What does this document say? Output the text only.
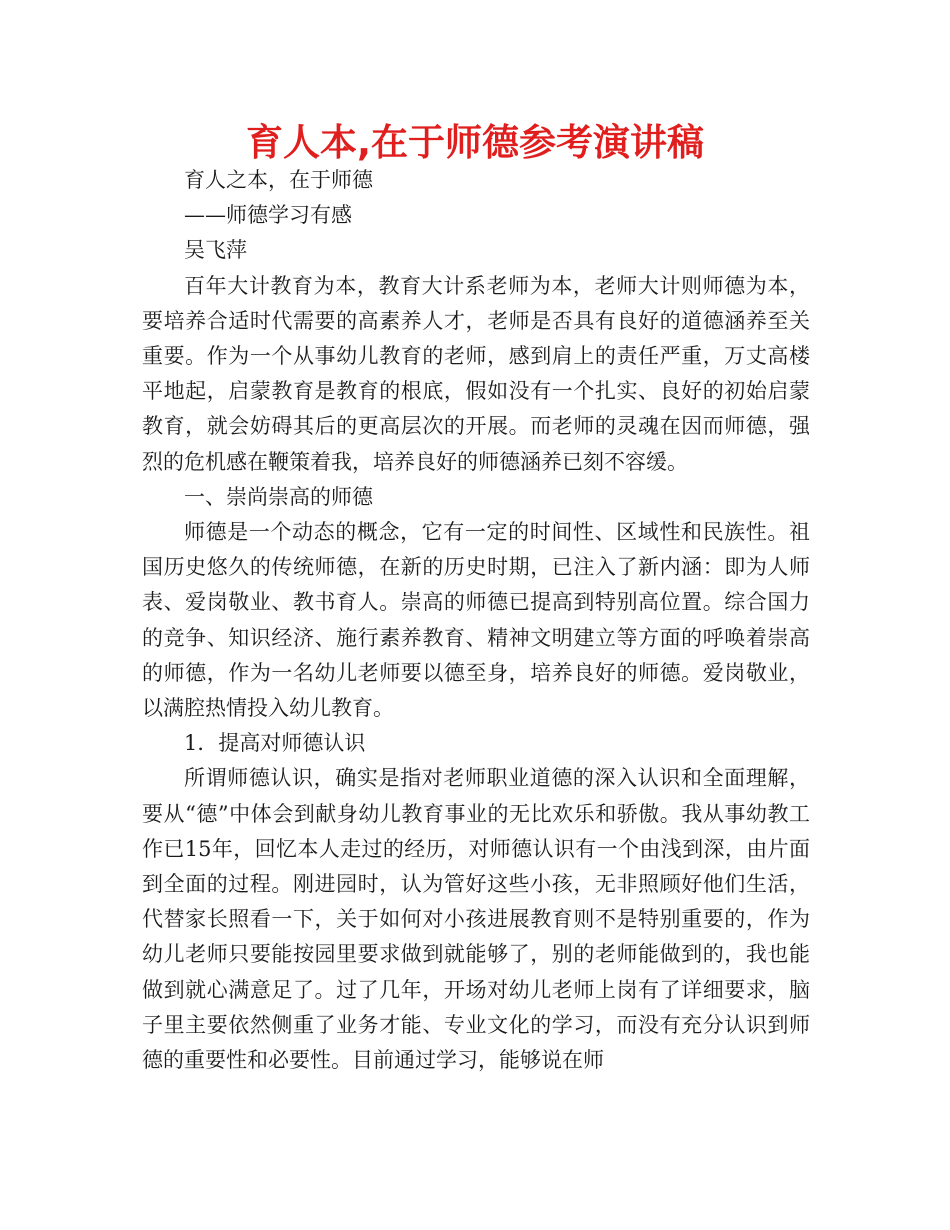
育人本,在于师德参考演讲稿

育人之本，在于师德

——师德学习有感

吴飞萍

百年大计教育为本，教育大计系老师为本，老师大计则师德为本，要培养合适时代需要的高素养人才，老师是否具有良好的道德涵养至关重要。作为一个从事幼儿教育的老师，感到肩上的责任严重，万丈高楼平地起，启蒙教育是教育的根底，假如没有一个扎实、良好的初始启蒙教育，就会妨碍其后的更高层次的开展。而老师的灵魂在因而师德，强烈的危机感在鞭策着我，培养良好的师德涵养已刻不容缓。

一、崇尚崇高的师德

师德是一个动态的概念，它有一定的时间性、区域性和民族性。祖国历史悠久的传统师德，在新的历史时期，已注入了新内涵：即为人师表、爱岗敬业、教书育人。崇高的师德已提高到特别高位置。综合国力的竞争、知识经济、施行素养教育、精神文明建立等方面的呼唤着崇高的师德，作为一名幼儿老师要以德至身，培养良好的师德。爱岗敬业，以满腔热情投入幼儿教育。

1．提高对师德认识

所谓师德认识，确实是指对老师职业道德的深入认识和全面理解，要从“德”中体会到献身幼儿教育事业的无比欢乐和骄傲。我从事幼教工作已15年，回忆本人走过的经历，对师德认识有一个由浅到深，由片面到全面的过程。刚进园时，认为管好这些小孩，无非照顾好他们生活，代替家长照看一下，关于如何对小孩进展教育则不是特别重要的，作为幼儿老师只要能按园里要求做到就能够了，别的老师能做到的，我也能做到就心满意足了。过了几年，开场对幼儿老师上岗有了详细要求，脑子里主要依然侧重了业务才能、专业文化的学习，而没有充分认识到师德的重要性和必要性。目前通过学习，能够说在师
